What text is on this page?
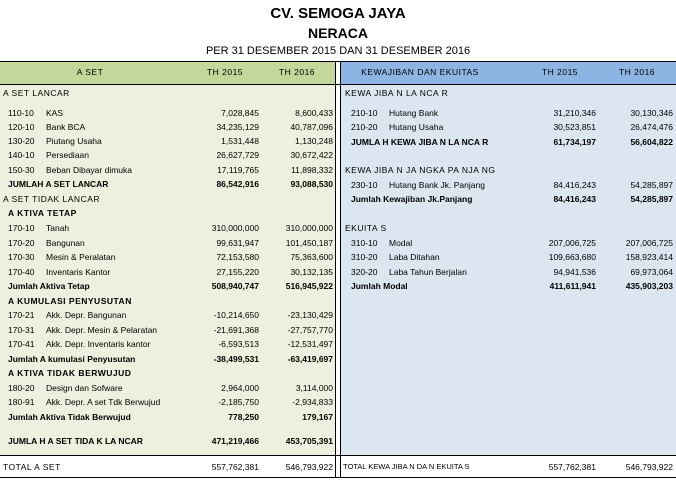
CV. SEMOGA JAYA
NERACA
PER 31 DESEMBER 2015 DAN 31 DESEMBER 2016
A SET	TH 2015	TH 2016	KEWAJIBAN DAN EKUITAS	TH 2015	TH 2016
A SET LANCAR
110-10 KAS	7,028,845	8,600,433
120-10 Bank BCA	34,235,129	40,787,096
130-20 Piutang Usaha	1,531,448	1,130,248
140-10 Persediaan	26,627,729	30,672,422
150-30 Beban Dibayar dimuka	17,119,765	11,898,332
JUMLAH A SET LANCAR	86,542,916	93,088,530
A SET TIDAK LANCAR
A KTIVA TETAP
170-10 Tanah	310,000,000	310,000,000
170-20 Bangunan	99,631,947	101,450,187
170-30 Mesin & Peralatan	72,153,580	75,363,600
170-40 Inventaris Kantor	27,155,220	30,132,135
Jumlah Aktiva Tetap	508,940,747	516,945,922
A KUMULASI PENYUSUTAN
170-21 Akk. Depr. Bangunan	-10,214,650	-23,130,429
170-31 Akk. Depr. Mesin & Pelaratan	-21,691,368	-27,757,770
170-41 Akk. Depr. Inventaris kantor	-6,593,513	-12,531,497
Jumlah A kumulasi Penyusutan	-38,499,531	-63,419,697
A KTIVA TIDAK BERWUJUD
180-20 Design dan Sofware	2,964,000	3,114,000
180-91 Akk. Depr. A set Tdk Berwujud	-2,185,750	-2,934,833
Jumlah Aktiva Tidak Berwujud	778,250	179,167
JUMLA H A SET TIDA K LA NCAR	471,219,466	453,705,391
TOTAL A SET	557,762,381	546,793,922
KEWA JIBA N LA NCA R
210-10 Hutang Bank	31,210,346	30,130,346
210-20 Hutang Usaha	30,523,851	26,474,476
JUMLA H KEWA JIBA N LA NCA R	61,734,197	56,604,822
KEWA JIBA N JA NGKA PA NJA NG
230-10 Hutang Bank Jk. Panjang	84,416,243	54,285,897
Jumlah Kewajiban Jk.Panjang	84,416,243	54,285,897
EKUITA S
310-10 Modal	207,006,725	207,006,725
310-20 Laba Ditahan	109,663,680	158,923,414
320-20 Laba Tahun Berjalan	94,941,536	69,973,064
Jumlah Modal	411,611,941	435,903,203
TOTAL KEWA JIBA N DA N EKUITA S	557,762,381	546,793,922
